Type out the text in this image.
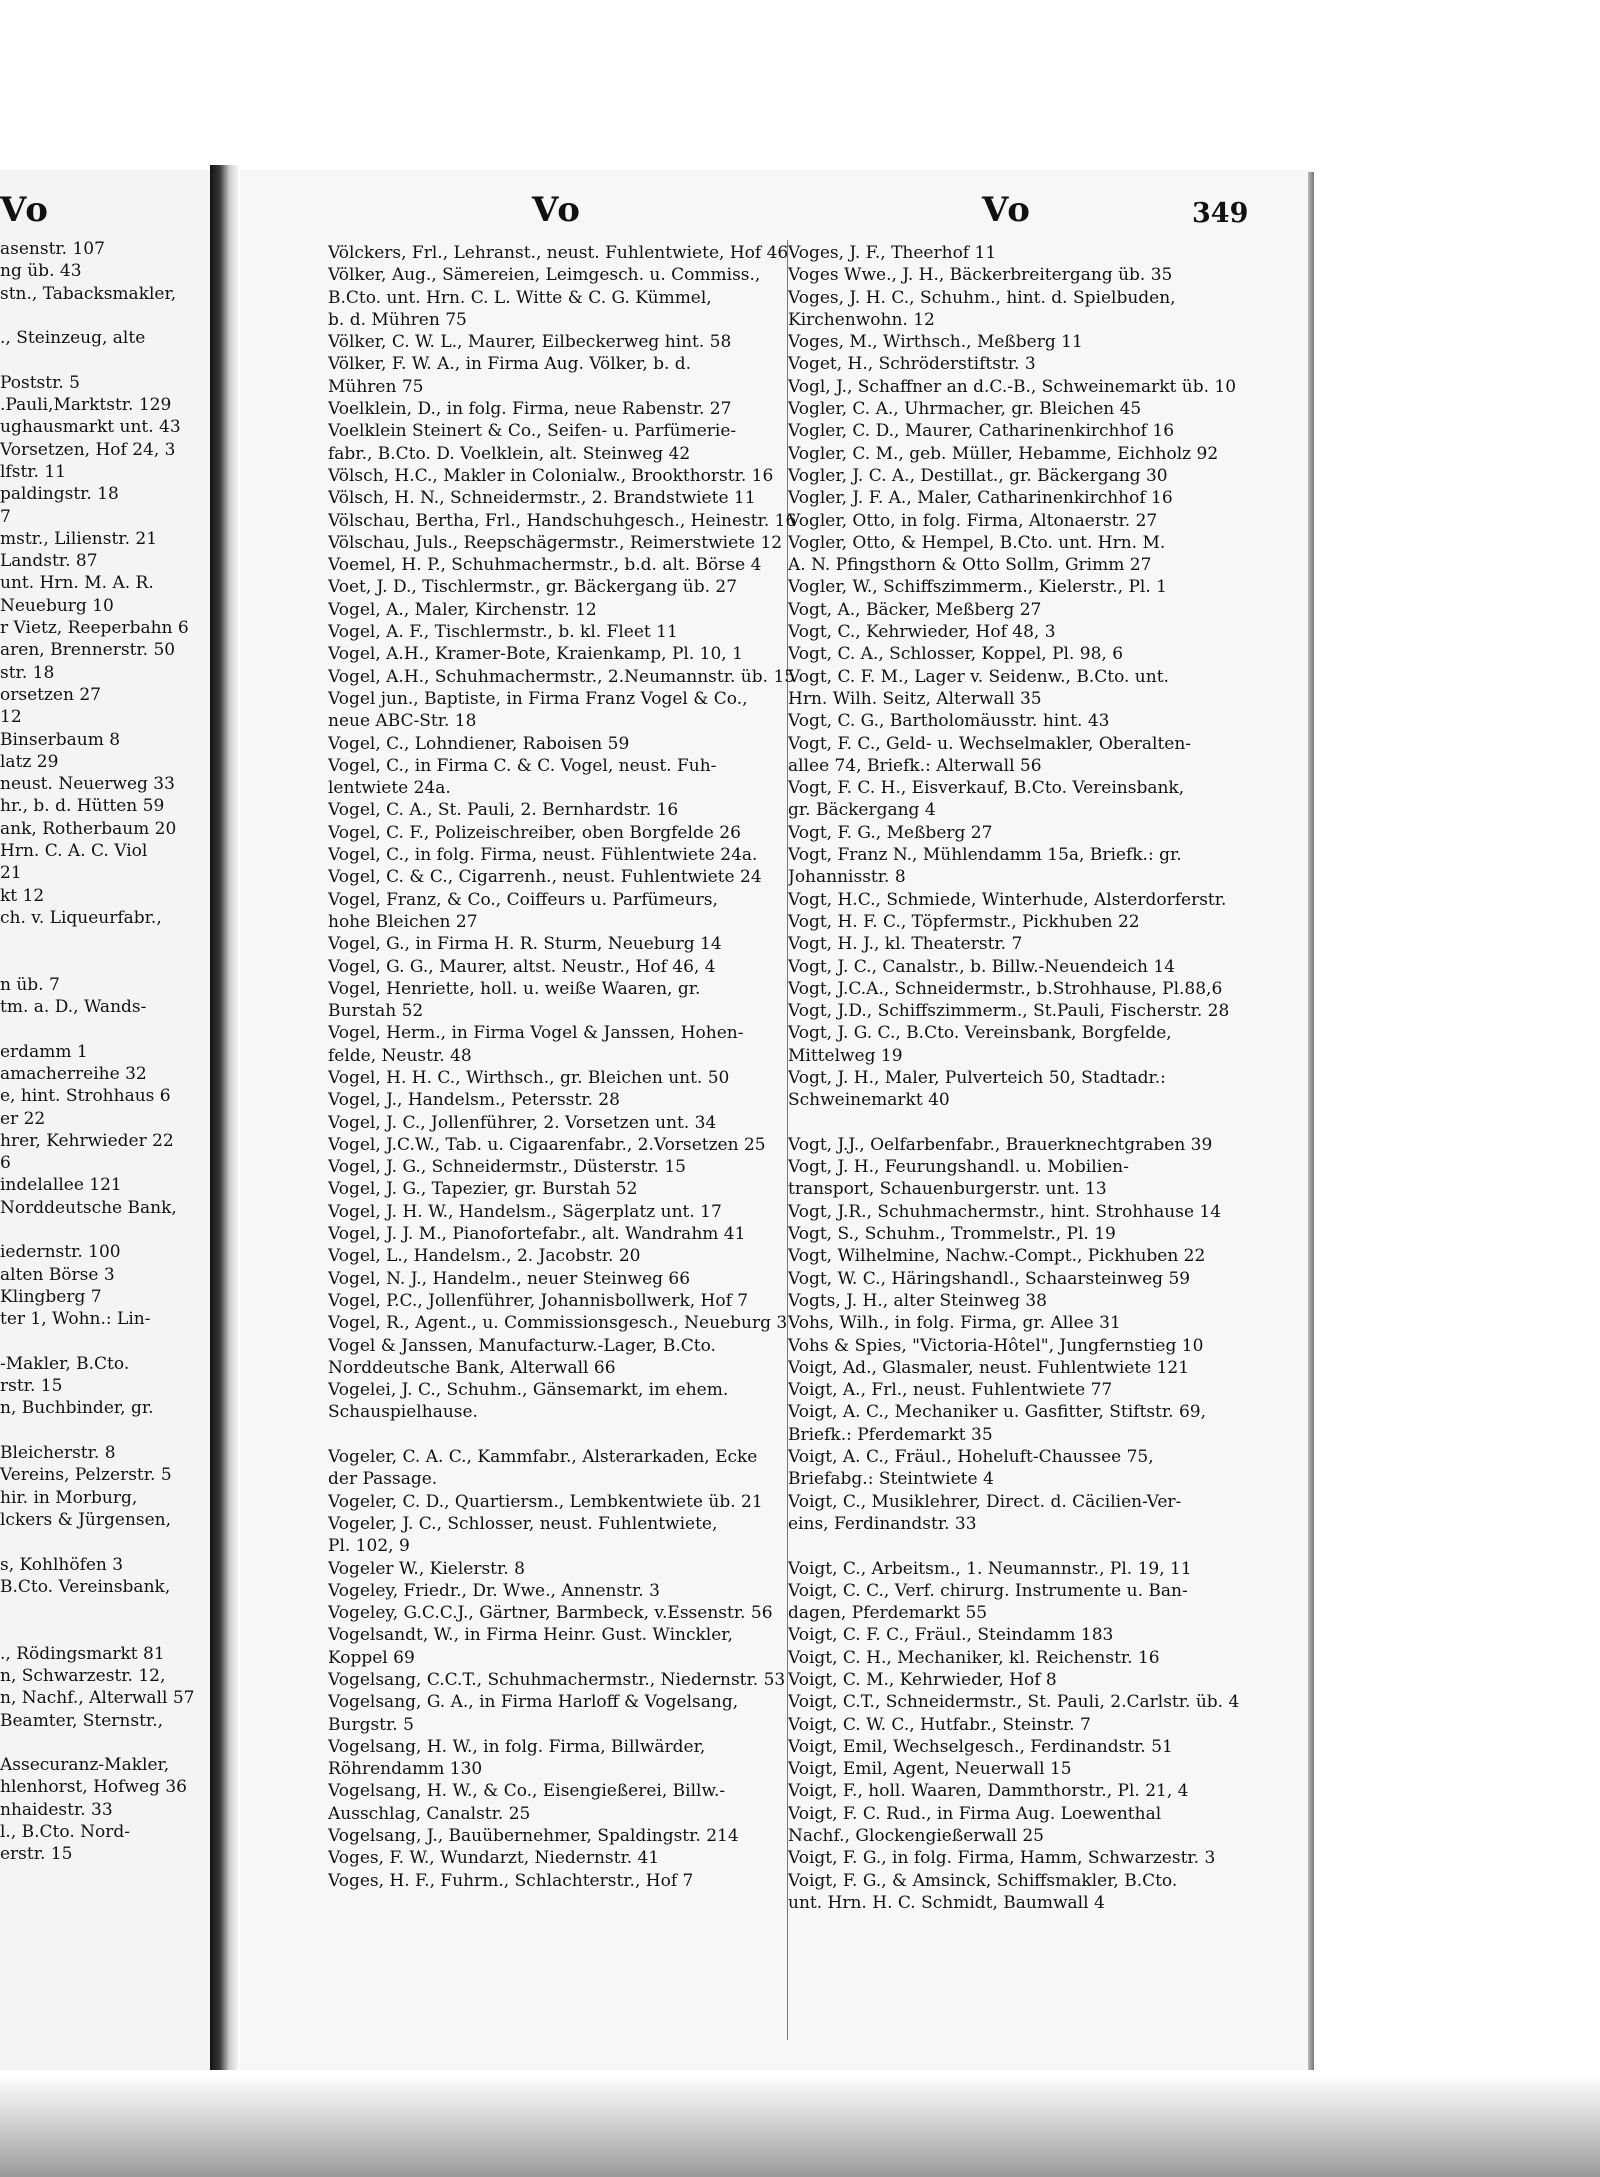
Vo
asenstr. 107
ng üb. 43
stn., Tabacksmakler,
., Steinzeug, alte
Poststr. 5
.Pauli,Marktstr. 129
ughausmarkt unt. 43
Vorsetzen, Hof 24, 3
lfstr. 11
paldingstr. 18
7
mstr., Lilienstr. 21
Landstr. 87
unt. Hrn. M. A. R.
Neueburg 10
r Vietz, Reeperbahn 6
aren, Brennerstr. 50
str. 18
orsetzen 27
12
Binserbaum 8
latz 29
neust. Neuerweg 33
hr., b. d. Hütten 59
ank, Rotherbaum 20
Hrn. C. A. C. Viol
21
kt 12
ch. v. Liqueurfabr.,
n üb. 7
tm. a. D., Wands-
erdamm 1
amacherreihe 32
e, hint. Strohhaus 6
er 22
hrer, Kehrwieder 22
6
indelallee 121
Norddeutsche Bank,
iedernstr. 100
alten Börse 3
Klingberg 7
ter 1, Wohn.: Lin-
-Makler, B.Cto.
rstr. 15
n, Buchbinder, gr.
Bleicherstr. 8
Vereins, Pelzerstr. 5
hir. in Morburg,
lckers & Jürgensen,
s, Kohlhöfen 3
B.Cto. Vereinsbank,
., Rödingsmarkt 81
n, Schwarzestr. 12,
n, Nachf., Alterwall 57
Beamter, Sternstr.,
Assecuranz-Makler,
hlenhorst, Hofweg 36
nhaidestr. 33
l., B.Cto. Nord-
erstr. 15
Vo	Vo	349
Völckers, Frl., Lehranst., neust. Fuhlentwiete, Hof 46
Völker, Aug., Sämereien, Leimgesch. u. Commiss.,
B.Cto. unt. Hrn. C. L. Witte & C. G. Kümmel,
b. d. Mühren 75
Völker, C. W. L., Maurer, Eilbeckerweg hint. 58
Völker, F. W. A., in Firma Aug. Völker, b. d.
Mühren 75
Voelklein, D., in folg. Firma, neue Rabenstr. 27
Voelklein Steinert & Co., Seifen- u. Parfümerie-
fabr., B.Cto. D. Voelklein, alt. Steinweg 42
Völsch, H.C., Makler in Colonialw., Brookthorstr. 16
Völsch, H. N., Schneidermstr., 2. Brandstwiete 11
Völschau, Bertha, Frl., Handschuhgesch., Heinestr. 16
Völschau, Juls., Reepschägermstr., Reimerstwiete 12
Voemel, H. P., Schuhmachermstr., b.d. alt. Börse 4
Voet, J. D., Tischlermstr., gr. Bäckergang üb. 27
Vogel, A., Maler, Kirchenstr. 12
Vogel, A. F., Tischlermstr., b. kl. Fleet 11
Vogel, A.H., Kramer-Bote, Kraienkamp, Pl. 10, 1
Vogel, A.H., Schuhmachermstr., 2.Neumannstr. üb. 15
Vogel jun., Baptiste, in Firma Franz Vogel & Co.,
neue ABC-Str. 18
Vogel, C., Lohndiener, Raboisen 59
Vogel, C., in Firma C. & C. Vogel, neust. Fuh-
lentwiete 24a.
Vogel, C. A., St. Pauli, 2. Bernhardstr. 16
Vogel, C. F., Polizeischreiber, oben Borgfelde 26
Vogel, C., in folg. Firma, neust. Fühlentwiete 24a.
Vogel, C. & C., Cigarrenh., neust. Fuhlentwiete 24
Vogel, Franz, & Co., Coiffeurs u. Parfümeurs,
hohe Bleichen 27
Vogel, G., in Firma H. R. Sturm, Neueburg 14
Vogel, G. G., Maurer, altst. Neustr., Hof 46, 4
Vogel, Henriette, holl. u. weiße Waaren, gr.
Burstah 52
Vogel, Herm., in Firma Vogel & Janssen, Hohen-
felde, Neustr. 48
Vogel, H. H. C., Wirthsch., gr. Bleichen unt. 50
Vogel, J., Handelsm., Petersstr. 28
Vogel, J. C., Jollenführer, 2. Vorsetzen unt. 34
Vogel, J.C.W., Tab. u. Cigaarenfabr., 2.Vorsetzen 25
Vogel, J. G., Schneidermstr., Düsterstr. 15
Vogel, J. G., Tapezier, gr. Burstah 52
Vogel, J. H. W., Handelsm., Sägerplatz unt. 17
Vogel, J. J. M., Pianofortefabr., alt. Wandrahm 41
Vogel, L., Handelsm., 2. Jacobstr. 20
Vogel, N. J., Handelm., neuer Steinweg 66
Vogel, P.C., Jollenführer, Johannisbollwerk, Hof 7
Vogel, R., Agent., u. Commissionsgesch., Neueburg 3
Vogel & Janssen, Manufacturw.-Lager, B.Cto.
Norddeutsche Bank, Alterwall 66
Vogelei, J. C., Schuhm., Gänsemarkt, im ehem.
Schauspielhause.
Vogeler, C. A. C., Kammfabr., Alsterarkaden, Ecke
der Passage.
Vogeler, C. D., Quartiersm., Lembkentwiete üb. 21
Vogeler, J. C., Schlosser, neust. Fuhlentwiete,
Pl. 102, 9
Vogeler W., Kielerstr. 8
Vogeley, Friedr., Dr. Wwe., Annenstr. 3
Vogeley, G.C.C.J., Gärtner, Barmbeck, v.Essenstr. 56
Vogelsandt, W., in Firma Heinr. Gust. Winckler,
Koppel 69
Vogelsang, C.C.T., Schuhmachermstr., Niedernstr. 53
Vogelsang, G. A., in Firma Harloff & Vogelsang,
Burgstr. 5
Vogelsang, H. W., in folg. Firma, Billwärder,
Röhrendamm 130
Vogelsang, H. W., & Co., Eisengießerei, Billw.-
Ausschlag, Canalstr. 25
Vogelsang, J., Bauübernehmer, Spaldingstr. 214
Voges, F. W., Wundarzt, Niedernstr. 41
Voges, H. F., Fuhrm., Schlachterstr., Hof 7
Voges, J. F., Theerhof 11
Voges Wwe., J. H., Bäckerbreitergang üb. 35
Voges, J. H. C., Schuhm., hint. d. Spielbuden,
Kirchenwohn. 12
Voges, M., Wirthsch., Meßberg 11
Voget, H., Schröderstiftstr. 3
Vogl, J., Schaffner an d.C.-B., Schweinemarkt üb. 10
Vogler, C. A., Uhrmacher, gr. Bleichen 45
Vogler, C. D., Maurer, Catharinenkirchhof 16
Vogler, C. M., geb. Müller, Hebamme, Eichholz 92
Vogler, J. C. A., Destillat., gr. Bäckergang 30
Vogler, J. F. A., Maler, Catharinenkirchhof 16
Vogler, Otto, in folg. Firma, Altonaerstr. 27
Vogler, Otto, & Hempel, B.Cto. unt. Hrn. M.
A. N. Pfingsthorn & Otto Sollm, Grimm 27
Vogler, W., Schiffszimmerm., Kielerstr., Pl. 1
Vogt, A., Bäcker, Meßberg 27
Vogt, C., Kehrwieder, Hof 48, 3
Vogt, C. A., Schlosser, Koppel, Pl. 98, 6
Vogt, C. F. M., Lager v. Seidenw., B.Cto. unt.
Hrn. Wilh. Seitz, Alterwall 35
Vogt, C. G., Bartholomäusstr. hint. 43
Vogt, F. C., Geld- u. Wechselmakler, Oberalten-
allee 74, Briefk.: Alterwall 56
Vogt, F. C. H., Eisverkauf, B.Cto. Vereinsbank,
gr. Bäckergang 4
Vogt, F. G., Meßberg 27
Vogt, Franz N., Mühlendamm 15a, Briefk.: gr.
Johannisstr. 8
Vogt, H.C., Schmiede, Winterhude, Alsterdorferstr.
Vogt, H. F. C., Töpfermstr., Pickhuben 22
Vogt, H. J., kl. Theaterstr. 7
Vogt, J. C., Canalstr., b. Billw.-Neuendeich 14
Vogt, J.C.A., Schneidermstr., b.Strohhause, Pl.88,6
Vogt, J.D., Schiffszimmerm., St.Pauli, Fischerstr. 28
Vogt, J. G. C., B.Cto. Vereinsbank, Borgfelde,
Mittelweg 19
Vogt, J. H., Maler, Pulverteich 50, Stadtadr.:
Schweinemarkt 40
Vogt, J.J., Oelfarbenfabr., Brauerknechtgraben 39
Vogt, J. H., Feurungshandl. u. Mobilien-
transport, Schauenburgerstr. unt. 13
Vogt, J.R., Schuhmachermstr., hint. Strohhause 14
Vogt, S., Schuhm., Trommelstr., Pl. 19
Vogt, Wilhelmine, Nachw.-Compt., Pickhuben 22
Vogt, W. C., Häringshandl., Schaarsteinweg 59
Vogts, J. H., alter Steinweg 38
Vohs, Wilh., in folg. Firma, gr. Allee 31
Vohs & Spies, "Victoria-Hôtel", Jungfernstieg 10
Voigt, Ad., Glasmaler, neust. Fuhlentwiete 121
Voigt, A., Frl., neust. Fuhlentwiete 77
Voigt, A. C., Mechaniker u. Gasfitter, Stiftstr. 69,
Briefk.: Pferdemarkt 35
Voigt, A. C., Fräul., Hoheluft-Chaussee 75,
Briefabg.: Steintwiete 4
Voigt, C., Musiklehrer, Direct. d. Cäcilien-Ver-
eins, Ferdinandstr. 33
Voigt, C., Arbeitsm., 1. Neumannstr., Pl. 19, 11
Voigt, C. C., Verf. chirurg. Instrumente u. Ban-
dagen, Pferdemarkt 55
Voigt, C. F. C., Fräul., Steindamm 183
Voigt, C. H., Mechaniker, kl. Reichenstr. 16
Voigt, C. M., Kehrwieder, Hof 8
Voigt, C.T., Schneidermstr., St. Pauli, 2.Carlstr. üb. 4
Voigt, C. W. C., Hutfabr., Steinstr. 7
Voigt, Emil, Wechselgesch., Ferdinandstr. 51
Voigt, Emil, Agent, Neuerwall 15
Voigt, F., holl. Waaren, Dammthorstr., Pl. 21, 4
Voigt, F. C. Rud., in Firma Aug. Loewenthal
Nachf., Glockengießerwall 25
Voigt, F. G., in folg. Firma, Hamm, Schwarzestr. 3
Voigt, F. G., & Amsinck, Schiffsmakler, B.Cto.
unt. Hrn. H. C. Schmidt, Baumwall 4
